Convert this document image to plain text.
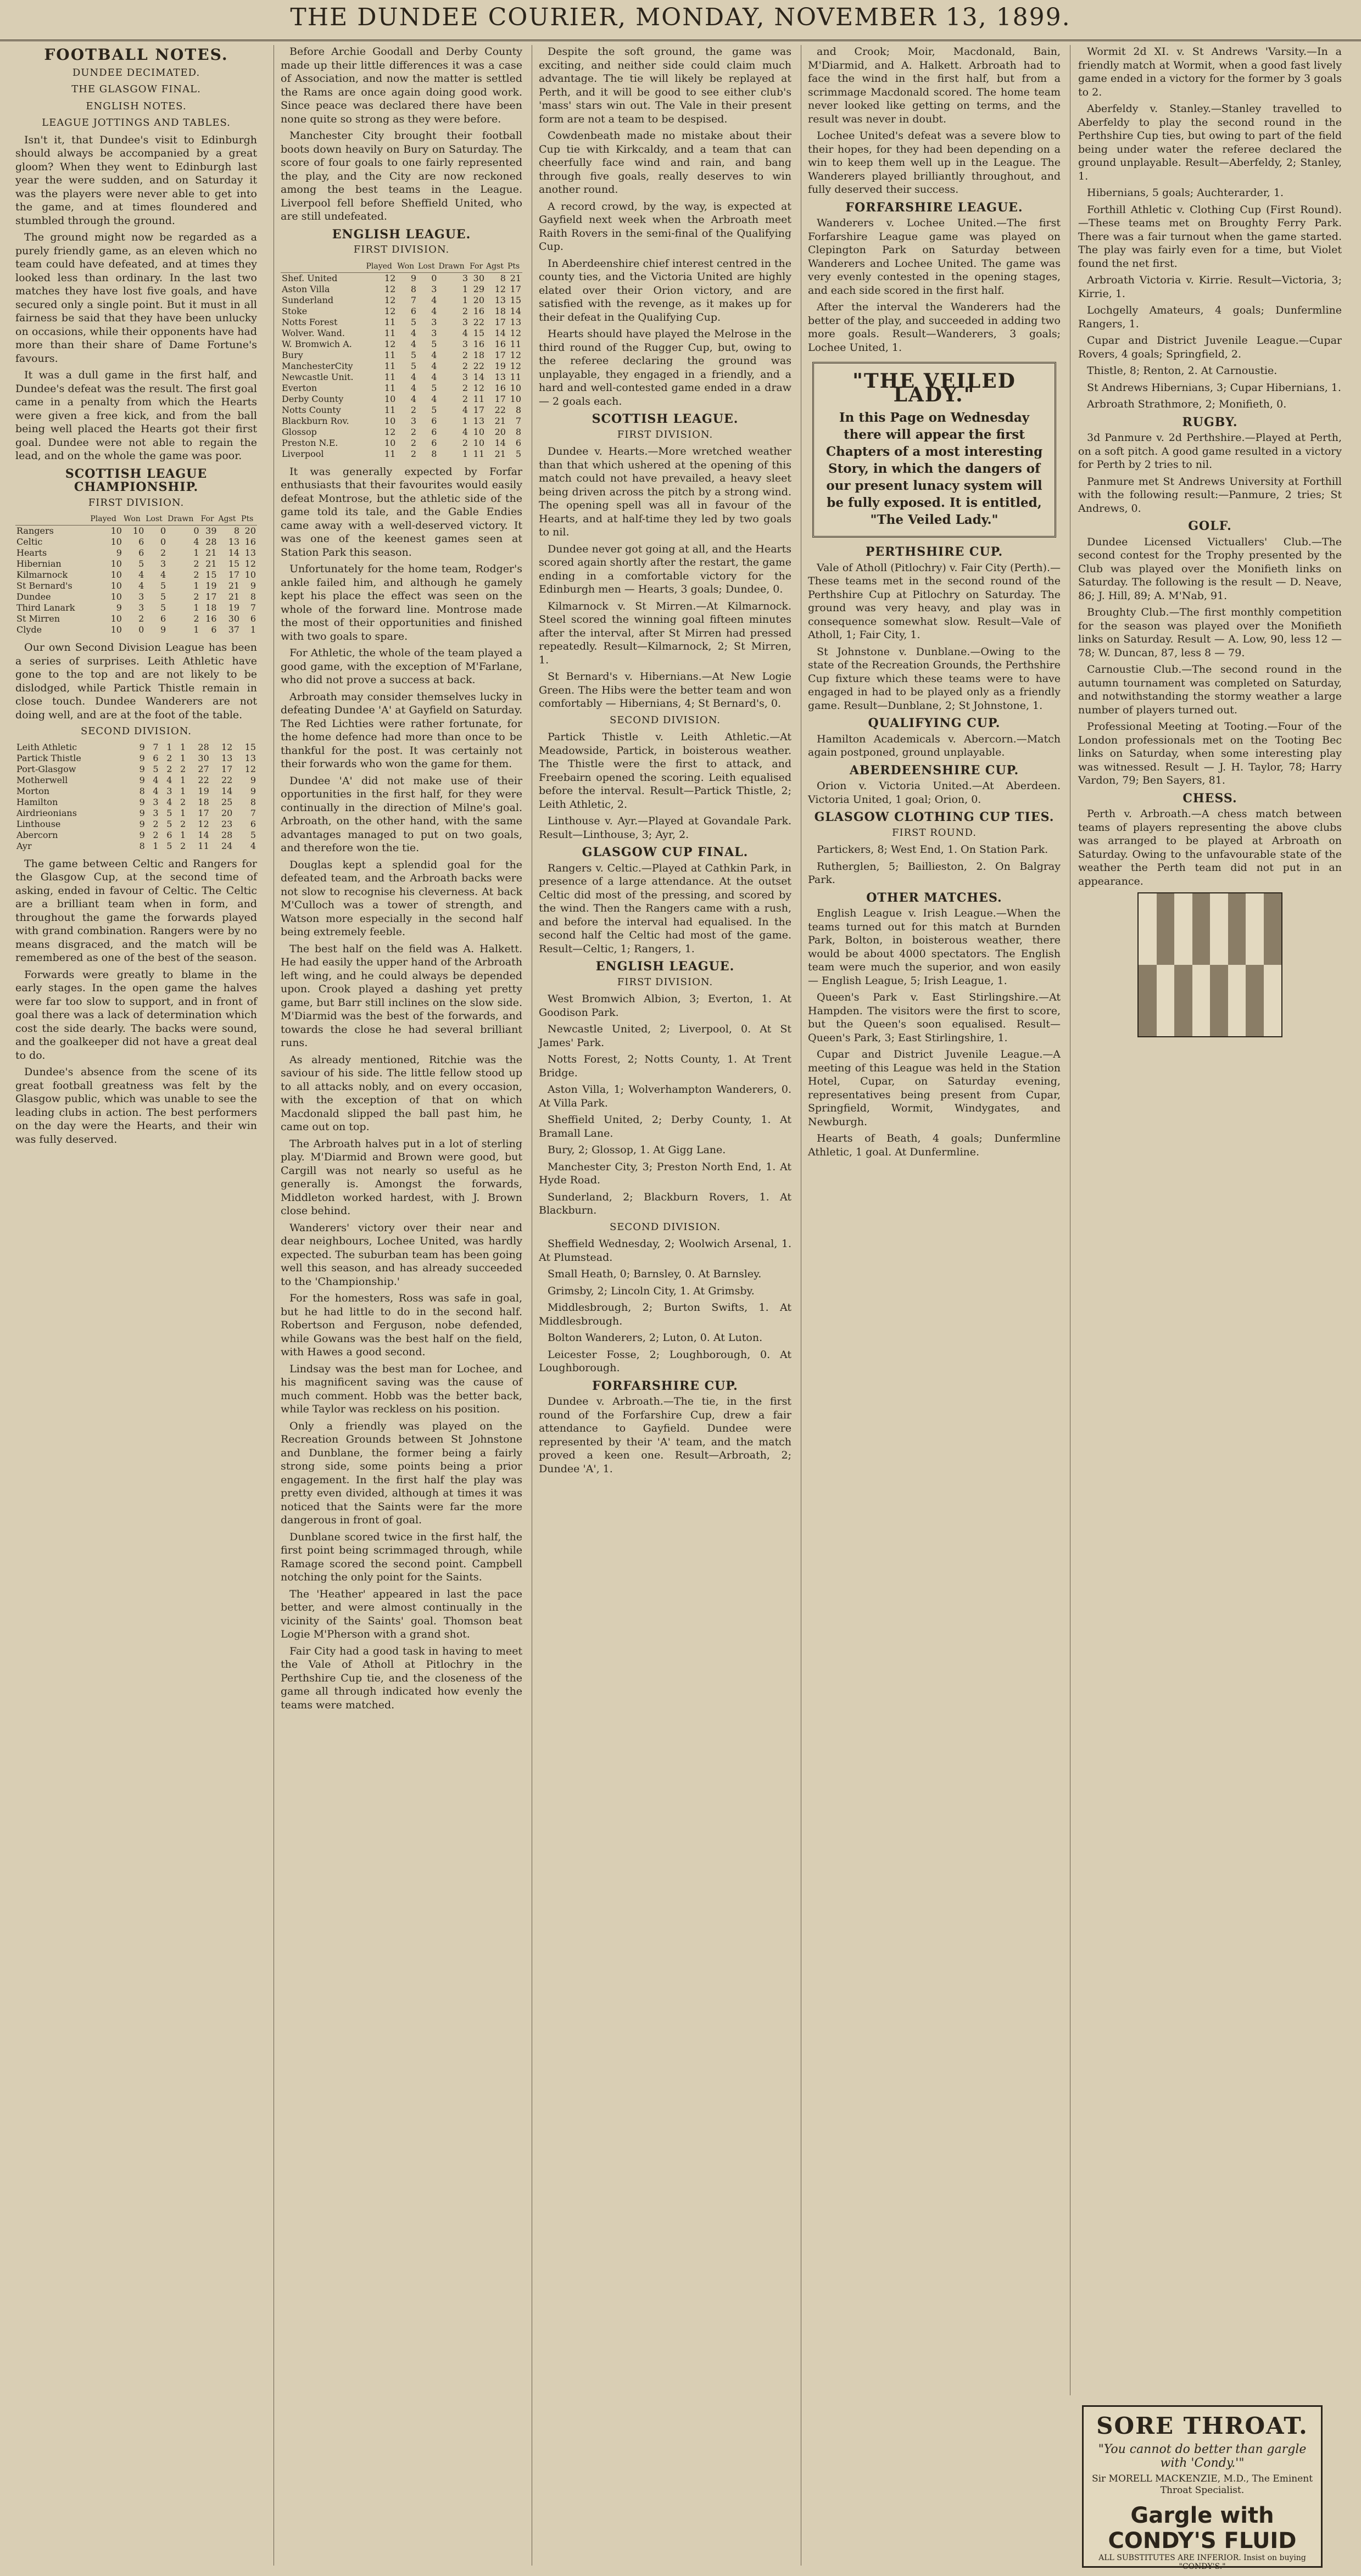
THE DUNDEE COURIER, MONDAY, NOVEMBER 13, 1899.
FOOTBALL NOTES.
DUNDEE DECIMATED.
THE GLASGOW FINAL.
ENGLISH NOTES.
LEAGUE JOTTINGS AND TABLES.

Isn't it, that Dundee's visit to Edinburgh should always be accompanied by a great gloom? When they went to Edinburgh last year the were sudden, and on Saturday it was the players were never able to get into the game, and at times floundered and stumbled through the ground.

The ground might now be regarded as a purely friendly game, as an eleven which no team could have defeated, and at times they looked less than ordinary. In the last two matches they have lost five goals, and have secured only a single point. But it must in all fairness be said that they have been unlucky on occasions, while their opponents have had more than their share of Dame Fortune's favours.

It was a dull game in the first half, and Dundee's defeat was the result. The first goal came in a penalty from which the Hearts were given a free kick, and from the ball being well placed the Hearts got their first goal. Dundee were not able to regain the lead, and on the whole the game was poor.

SCOTTISH LEAGUE CHAMPIONSHIP.
FIRST DIVISION.
	Played	Won	Lost	Drawn	For	Agst	Pts
Rangers	10	10	0	0	39	8	20
Celtic	10	6	0	4	28	13	16
Hearts	9	6	2	1	21	14	13
Hibernian	10	5	3	2	21	15	12
Kilmarnock	10	4	4	2	15	17	10
St Bernard's	10	4	5	1	19	21	9
Dundee	10	3	5	2	17	21	8
Third Lanark	9	3	5	1	18	19	7
St Mirren	10	2	6	2	16	30	6
Clyde	10	0	9	1	6	37	1

Our own Second Division League has been a series of surprises. Leith Athletic have gone to the top and are not likely to be dislodged, while Partick Thistle remain in close touch. Dundee Wanderers are not doing well, and are at the foot of the table.

SECOND DIVISION.
Leith Athletic	9	7	1	1	28	12	15
Partick Thistle	9	6	2	1	30	13	13
Port-Glasgow	9	5	2	2	27	17	12
Motherwell	9	4	4	1	22	22	9
Morton	8	4	3	1	19	14	9
Hamilton	9	3	4	2	18	25	8
Airdrieonians	9	3	5	1	17	20	7
Linthouse	9	2	5	2	12	23	6
Abercorn	9	2	6	1	14	28	5
Ayr	8	1	5	2	11	24	4

The game between Celtic and Rangers for the Glasgow Cup, at the second time of asking, ended in favour of Celtic. The Celtic are a brilliant team when in form, and throughout the game the forwards played with grand combination. Rangers were by no means disgraced, and the match will be remembered as one of the best of the season.

Forwards were greatly to blame in the early stages. In the open game the halves were far too slow to support, and in front of goal there was a lack of determination which cost the side dearly. The backs were sound, and the goalkeeper did not have a great deal to do.

Dundee's absence from the scene of its great football greatness was felt by the Glasgow public, which was unable to see the leading clubs in action. The best performers on the day were the Hearts, and their win was fully deserved.

Before Archie Goodall and Derby County made up their little differences it was a case of Association, and now the matter is settled the Rams are once again doing good work. Since peace was declared there have been none quite so strong as they were before.

Manchester City brought their football boots down heavily on Bury on Saturday. The score of four goals to one fairly represented the play, and the City are now reckoned among the best teams in the League. Liverpool fell before Sheffield United, who are still undefeated.

ENGLISH LEAGUE.
FIRST DIVISION.
	Played	Won	Lost	Drawn	For	Agst	Pts
Shef. United	12	9	0	3	30	8	21
Aston Villa	12	8	3	1	29	12	17
Sunderland	12	7	4	1	20	13	15
Stoke	12	6	4	2	16	18	14
Notts Forest	11	5	3	3	22	17	13
Wolver. Wand.	11	4	3	4	15	14	12
W. Bromwich A.	12	4	5	3	16	16	11
Bury	11	5	4	2	18	17	12
ManchesterCity	11	5	4	2	22	19	12
Newcastle Unit.	11	4	4	3	14	13	11
Everton	11	4	5	2	12	16	10
Derby County	10	4	4	2	11	17	10
Notts County	11	2	5	4	17	22	8
Blackburn Rov.	10	3	6	1	13	21	7
Glossop	12	2	6	4	10	20	8
Preston N.E.	10	2	6	2	10	14	6
Liverpool	11	2	8	1	11	21	5

It was generally expected by Forfar enthusiasts that their favourites would easily defeat Montrose, but the athletic side of the game told its tale, and the Gable Endies came away with a well-deserved victory. It was one of the keenest games seen at Station Park this season.

Unfortunately for the home team, Rodger's ankle failed him, and although he gamely kept his place the effect was seen on the whole of the forward line. Montrose made the most of their opportunities and finished with two goals to spare.

For Athletic, the whole of the team played a good game, with the exception of M'Farlane, who did not prove a success at back.

Arbroath may consider themselves lucky in defeating Dundee 'A' at Gayfield on Saturday. The Red Lichties were rather fortunate, for the home defence had more than once to be thankful for the post. It was certainly not their forwards who won the game for them.

Dundee 'A' did not make use of their opportunities in the first half, for they were continually in the direction of Milne's goal. Arbroath, on the other hand, with the same advantages managed to put on two goals, and therefore won the tie.

Douglas kept a splendid goal for the defeated team, and the Arbroath backs were not slow to recognise his cleverness. At back M'Culloch was a tower of strength, and Watson more especially in the second half being extremely feeble.

The best half on the field was A. Halkett. He had easily the upper hand of the Arbroath left wing, and he could always be depended upon. Crook played a dashing yet pretty game, but Barr still inclines on the slow side. M'Diarmid was the best of the forwards, and towards the close he had several brilliant runs.

As already mentioned, Ritchie was the saviour of his side. The little fellow stood up to all attacks nobly, and on every occasion, with the exception of that on which Macdonald slipped the ball past him, he came out on top.

The Arbroath halves put in a lot of sterling play. M'Diarmid and Brown were good, but Cargill was not nearly so useful as he generally is. Amongst the forwards, Middleton worked hardest, with J. Brown close behind.

Wanderers' victory over their near and dear neighbours, Lochee United, was hardly expected. The suburban team has been going well this season, and has already succeeded to the 'Championship.'

For the homesters, Ross was safe in goal, but he had little to do in the second half. Robertson and Ferguson, nobe defended, while Gowans was the best half on the field, with Hawes a good second.

Lindsay was the best man for Lochee, and his magnificent saving was the cause of much comment. Hobb was the better back, while Taylor was reckless on his position.

Only a friendly was played on the Recreation Grounds between St Johnstone and Dunblane, the former being a fairly strong side, some points being a prior engagement. In the first half the play was pretty even divided, although at times it was noticed that the Saints were far the more dangerous in front of goal.

Dunblane scored twice in the first half, the first point being scrimmaged through, while Ramage scored the second point. Campbell notching the only point for the Saints.

The 'Heather' appeared in last the pace better, and were almost continually in the vicinity of the Saints' goal. Thomson beat Logie M'Pherson with a grand shot.

Fair City had a good task in having to meet the Vale of Atholl at Pitlochry in the Perthshire Cup tie, and the closeness of the game all through indicated how evenly the teams were matched.

Despite the soft ground, the game was exciting, and neither side could claim much advantage. The tie will likely be replayed at Perth, and it will be good to see either club's 'mass' stars win out. The Vale in their present form are not a team to be despised.

Cowdenbeath made no mistake about their Cup tie with Kirkcaldy, and a team that can cheerfully face wind and rain, and bang through five goals, really deserves to win another round.

A record crowd, by the way, is expected at Gayfield next week when the Arbroath meet Raith Rovers in the semi-final of the Qualifying Cup.

In Aberdeenshire chief interest centred in the county ties, and the Victoria United are highly elated over their Orion victory, and are satisfied with the revenge, as it makes up for their defeat in the Qualifying Cup.

Hearts should have played the Melrose in the third round of the Rugger Cup, but, owing to the referee declaring the ground was unplayable, they engaged in a friendly, and a hard and well-contested game ended in a draw — 2 goals each.

SCOTTISH LEAGUE.
FIRST DIVISION.

Dundee v. Hearts.—More wretched weather than that which ushered at the opening of this match could not have prevailed, a heavy sleet being driven across the pitch by a strong wind. The opening spell was all in favour of the Hearts, and at half-time they led by two goals to nil.

Dundee never got going at all, and the Hearts scored again shortly after the restart, the game ending in a comfortable victory for the Edinburgh men — Hearts, 3 goals; Dundee, 0.

Kilmarnock v. St Mirren.—At Kilmarnock. Steel scored the winning goal fifteen minutes after the interval, after St Mirren had pressed repeatedly. Result—Kilmarnock, 2; St Mirren, 1.

St Bernard's v. Hibernians.—At New Logie Green. The Hibs were the better team and won comfortably — Hibernians, 4; St Bernard's, 0.

SECOND DIVISION.

Partick Thistle v. Leith Athletic.—At Meadowside, Partick, in boisterous weather. The Thistle were the first to attack, and Freebairn opened the scoring. Leith equalised before the interval. Result—Partick Thistle, 2; Leith Athletic, 2.

Linthouse v. Ayr.—Played at Govandale Park. Result—Linthouse, 3; Ayr, 2.

GLASGOW CUP FINAL.

Rangers v. Celtic.—Played at Cathkin Park, in presence of a large attendance. At the outset Celtic did most of the pressing, and scored by the wind. Then the Rangers came with a rush, and before the interval had equalised. In the second half the Celtic had most of the game. Result—Celtic, 1; Rangers, 1.

ENGLISH LEAGUE.
FIRST DIVISION.

West Bromwich Albion, 3; Everton, 1. At Goodison Park.

Newcastle United, 2; Liverpool, 0. At St James' Park.

Notts Forest, 2; Notts County, 1. At Trent Bridge.

Aston Villa, 1; Wolverhampton Wanderers, 0. At Villa Park.

Sheffield United, 2; Derby County, 1. At Bramall Lane.

Bury, 2; Glossop, 1. At Gigg Lane.

Manchester City, 3; Preston North End, 1. At Hyde Road.

Sunderland, 2; Blackburn Rovers, 1. At Blackburn.

SECOND DIVISION.

Sheffield Wednesday, 2; Woolwich Arsenal, 1. At Plumstead.

Small Heath, 0; Barnsley, 0. At Barnsley.

Grimsby, 2; Lincoln City, 1. At Grimsby.

Middlesbrough, 2; Burton Swifts, 1. At Middlesbrough.

Bolton Wanderers, 2; Luton, 0. At Luton.

Leicester Fosse, 2; Loughborough, 0. At Loughborough.

FORFARSHIRE CUP.

Dundee v. Arbroath.—The tie, in the first round of the Forfarshire Cup, drew a fair attendance to Gayfield. Dundee were represented by their 'A' team, and the match proved a keen one. Result—Arbroath, 2; Dundee 'A', 1.

and Crook; Moir, Macdonald, Bain, M'Diarmid, and A. Halkett. Arbroath had to face the wind in the first half, but from a scrimmage Macdonald scored. The home team never looked like getting on terms, and the result was never in doubt.

Lochee United's defeat was a severe blow to their hopes, for they had been depending on a win to keep them well up in the League. The Wanderers played brilliantly throughout, and fully deserved their success.

FORFARSHIRE LEAGUE.

Wanderers v. Lochee United.—The first Forfarshire League game was played on Clepington Park on Saturday between Wanderers and Lochee United. The game was very evenly contested in the opening stages, and each side scored in the first half.

After the interval the Wanderers had the better of the play, and succeeded in adding two more goals. Result—Wanderers, 3 goals; Lochee United, 1.

"THE VEILED LADY."
In this Page on Wednesday there will appear the first Chapters of a most interesting Story, in which the dangers of our present lunacy system will be fully exposed. It is entitled, "The Veiled Lady."
PERTHSHIRE CUP.

Vale of Atholl (Pitlochry) v. Fair City (Perth).—These teams met in the second round of the Perthshire Cup at Pitlochry on Saturday. The ground was very heavy, and play was in consequence somewhat slow. Result—Vale of Atholl, 1; Fair City, 1.

St Johnstone v. Dunblane.—Owing to the state of the Recreation Grounds, the Perthshire Cup fixture which these teams were to have engaged in had to be played only as a friendly game. Result—Dunblane, 2; St Johnstone, 1.

QUALIFYING CUP.

Hamilton Academicals v. Abercorn.—Match again postponed, ground unplayable.

ABERDEENSHIRE CUP.

Orion v. Victoria United.—At Aberdeen. Victoria United, 1 goal; Orion, 0.

GLASGOW CLOTHING CUP TIES.
FIRST ROUND.

Partickers, 8; West End, 1. On Station Park.

Rutherglen, 5; Baillieston, 2. On Balgray Park.

OTHER MATCHES.

English League v. Irish League.—When the teams turned out for this match at Burnden Park, Bolton, in boisterous weather, there would be about 4000 spectators. The English team were much the superior, and won easily — English League, 5; Irish League, 1.

Queen's Park v. East Stirlingshire.—At Hampden. The visitors were the first to score, but the Queen's soon equalised. Result—Queen's Park, 3; East Stirlingshire, 1.

Cupar and District Juvenile League.—A meeting of this League was held in the Station Hotel, Cupar, on Saturday evening, representatives being present from Cupar, Springfield, Wormit, Windygates, and Newburgh.

Hearts of Beath, 4 goals; Dunfermline Athletic, 1 goal. At Dunfermline.

Wormit 2d XI. v. St Andrews 'Varsity.—In a friendly match at Wormit, when a good fast lively game ended in a victory for the former by 3 goals to 2.

Aberfeldy v. Stanley.—Stanley travelled to Aberfeldy to play the second round in the Perthshire Cup ties, but owing to part of the field being under water the referee declared the ground unplayable. Result—Aberfeldy, 2; Stanley, 1.

Hibernians, 5 goals; Auchterarder, 1.

Forthill Athletic v. Clothing Cup (First Round).—These teams met on Broughty Ferry Park. There was a fair turnout when the game started. The play was fairly even for a time, but Violet found the net first.

Arbroath Victoria v. Kirrie. Result—Victoria, 3; Kirrie, 1.

Lochgelly Amateurs, 4 goals; Dunfermline Rangers, 1.

Cupar and District Juvenile League.—Cupar Rovers, 4 goals; Springfield, 2.

Thistle, 8; Renton, 2. At Carnoustie.

St Andrews Hibernians, 3; Cupar Hibernians, 1.

Arbroath Strathmore, 2; Monifieth, 0.

RUGBY.

3d Panmure v. 2d Perthshire.—Played at Perth, on a soft pitch. A good game resulted in a victory for Perth by 2 tries to nil.

Panmure met St Andrews University at Forthill with the following result:—Panmure, 2 tries; St Andrews, 0.

GOLF.

Dundee Licensed Victuallers' Club.—The second contest for the Trophy presented by the Club was played over the Monifieth links on Saturday. The following is the result — D. Neave, 86; J. Hill, 89; A. M'Nab, 91.

Broughty Club.—The first monthly competition for the season was played over the Monifieth links on Saturday. Result — A. Low, 90, less 12 — 78; W. Duncan, 87, less 8 — 79.

Carnoustie Club.—The second round in the autumn tournament was completed on Saturday, and notwithstanding the stormy weather a large number of players turned out.

Professional Meeting at Tooting.—Four of the London professionals met on the Tooting Bec links on Saturday, when some interesting play was witnessed. Result — J. H. Taylor, 78; Harry Vardon, 79; Ben Sayers, 81.

CHESS.

Perth v. Arbroath.—A chess match between teams of players representing the above clubs was arranged to be played at Arbroath on Saturday. Owing to the unfavourable state of the weather the Perth team did not put in an appearance.

SORE THROAT.
"You cannot do better than gargle with 'Condy.'"
Sir MORELL MACKENZIE, M.D., The Eminent Throat Specialist.
Gargle with CONDY'S FLUID
ALL SUBSTITUTES ARE INFERIOR. Insist on buying "CONDY'S."
